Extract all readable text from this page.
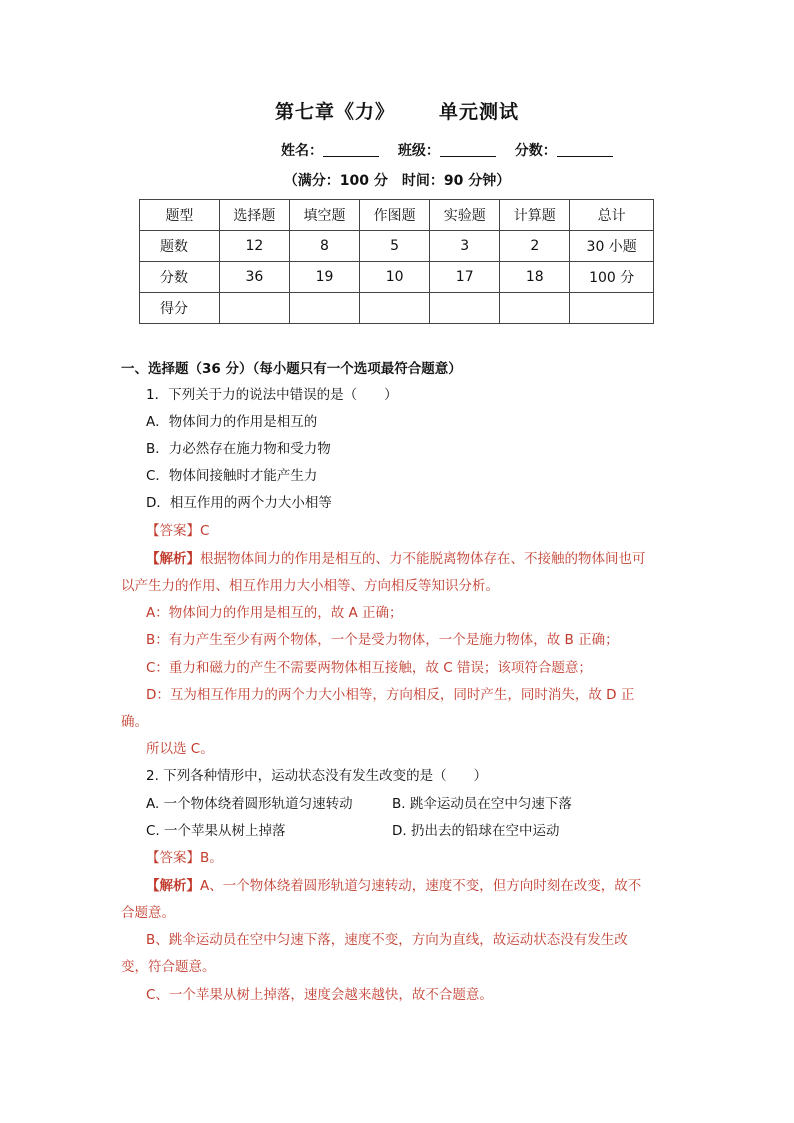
第七章《力》 单元测试
姓名：	班级：	分数：
（满分：100 分　时间：90 分钟）
题型	选择题	填空题	作图题	实验题	计算题	总计
题数	12	8	5	3	2	30 小题
分数	36	19	10	17	18	100 分
得分						
一、选择题（36 分）（每小题只有一个选项最符合题意）
1．下列关于力的说法中错误的是（　　）
A．物体间力的作用是相互的
B．力必然存在施力物和受力物
C．物体间接触时才能产生力
D．相互作用的两个力大小相等
【答案】C
【解析】根据物体间力的作用是相互的、力不能脱离物体存在、不接触的物体间也可
以产生力的作用、相互作用力大小相等、方向相反等知识分析。
A：物体间力的作用是相互的，故 A 正确；
B：有力产生至少有两个物体，一个是受力物体，一个是施力物体，故 B 正确；
C：重力和磁力的产生不需要两物体相互接触，故 C 错误；该项符合题意；
D：互为相互作用力的两个力大小相等，方向相反，同时产生，同时消失，故 D 正
确。
所以选 C。
2. 下列各种情形中，运动状态没有发生改变的是（　　）
A. 一个物体绕着圆形轨道匀速转动	B. 跳伞运动员在空中匀速下落
C. 一个苹果从树上掉落	D. 扔出去的铅球在空中运动
【答案】B。
【解析】A、一个物体绕着圆形轨道匀速转动，速度不变，但方向时刻在改变，故不
合题意。
B、跳伞运动员在空中匀速下落，速度不变，方向为直线，故运动状态没有发生改
变，符合题意。
C、一个苹果从树上掉落，速度会越来越快，故不合题意。
